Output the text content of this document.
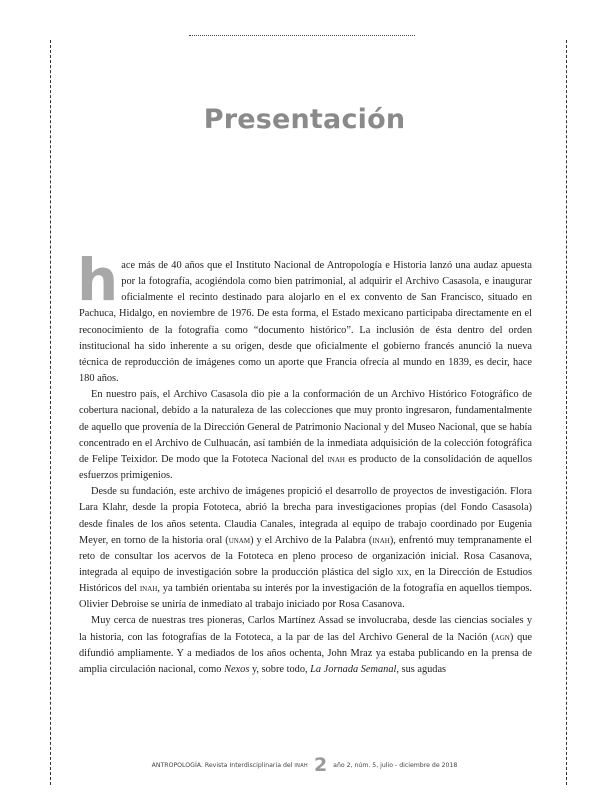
Presentación

hace más de 40 años que el Instituto Nacional de Antropología e Historia lanzó una audaz apuesta por la fotografía, acogiéndola como bien patrimonial, al adquirir el Archivo Casasola, e inaugurar oficialmente el recinto destinado para alojarlo en el ex convento de San Francisco, situado en Pachuca, Hidalgo, en noviembre de 1976. De esta forma, el Estado mexicano participaba directamente en el reconocimiento de la fotografía como “documento histórico”. La inclusión de ésta dentro del orden institucional ha sido inherente a su origen, desde que oficialmente el gobierno francés anunció la nueva técnica de reproducción de imágenes como un aporte que Francia ofrecía al mundo en 1839, es decir, hace 180 años.

En nuestro país, el Archivo Casasola dio pie a la conformación de un Archivo Histórico Fotográfico de cobertura nacional, debido a la naturaleza de las colecciones que muy pronto ingresaron, fundamentalmente de aquello que provenía de la Dirección General de Patrimonio Nacional y del Museo Nacional, que se había concentrado en el Archivo de Culhuacán, así también de la inmediata adquisición de la colección fotográfica de Felipe Teixidor. De modo que la Fototeca Nacional del inah es producto de la consolidación de aquellos esfuerzos primigenios.

Desde su fundación, este archivo de imágenes propició el desarrollo de proyectos de investigación. Flora Lara Klahr, desde la propia Fototeca, abrió la brecha para investigaciones propias (del Fondo Casasola) desde finales de los años setenta. Claudia Canales, integrada al equipo de trabajo coordinado por Eugenia Meyer, en torno de la historia oral (unam) y el Archivo de la Palabra (inah), enfrentó muy tempranamente el reto de consultar los acervos de la Fototeca en pleno proceso de organización inicial. Rosa Casanova, integrada al equipo de investigación sobre la producción plástica del siglo xix, en la Dirección de Estudios Históricos del inah, ya también orientaba su interés por la investigación de la fotografía en aquellos tiempos. Olivier Debroise se uniría de inmediato al trabajo iniciado por Rosa Casanova.

Muy cerca de nuestras tres pioneras, Carlos Martínez Assad se involucraba, desde las ciencias sociales y la historia, con las fotografías de la Fototeca, a la par de las del Archivo General de la Nación (agn) que difundió ampliamente. Y a mediados de los años ochenta, John Mraz ya estaba publicando en la prensa de amplia circulación nacional, como Nexos y, sobre todo, La Jornada Semanal, sus agudas

ANTROPOLOGÍA. Revista Interdisciplinaria del INAH 2 año 2, núm. 5, julio - diciembre de 2018
